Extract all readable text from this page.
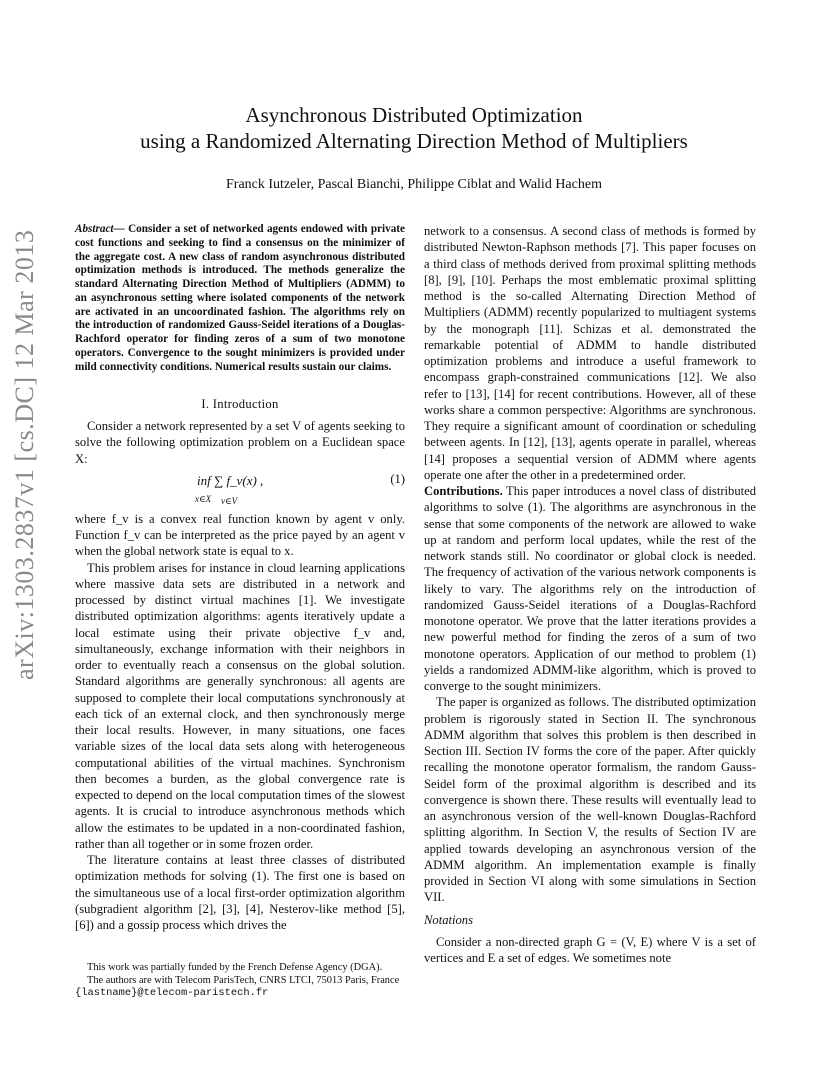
arXiv:1303.2837v1 [cs.DC] 12 Mar 2013
Asynchronous Distributed Optimization
using a Randomized Alternating Direction Method of Multipliers
Franck Iutzeler, Pascal Bianchi, Philippe Ciblat and Walid Hachem
Abstract— Consider a set of networked agents endowed with private cost functions and seeking to find a consensus on the minimizer of the aggregate cost. A new class of random asynchronous distributed optimization methods is introduced. The methods generalize the standard Alternating Direction Method of Multipliers (ADMM) to an asynchronous setting where isolated components of the network are activated in an uncoordinated fashion. The algorithms rely on the introduction of randomized Gauss-Seidel iterations of a Douglas-Rachford operator for finding zeros of a sum of two monotone operators. Convergence to the sought minimizers is provided under mild connectivity conditions. Numerical results sustain our claims.
I. Introduction

Consider a network represented by a set V of agents seeking to solve the following optimization problem on a Euclidean space X:

inf ∑ f_v(x) ,
x∈X v∈V
(1)

where f_v is a convex real function known by agent v only. Function f_v can be interpreted as the price payed by an agent v when the global network state is equal to x.

This problem arises for instance in cloud learning applications where massive data sets are distributed in a network and processed by distinct virtual machines [1]. We investigate distributed optimization algorithms: agents iteratively update a local estimate using their private objective f_v and, simultaneously, exchange information with their neighbors in order to eventually reach a consensus on the global solution. Standard algorithms are generally synchronous: all agents are supposed to complete their local computations synchronously at each tick of an external clock, and then synchronously merge their local results. However, in many situations, one faces variable sizes of the local data sets along with heterogeneous computational abilities of the virtual machines. Synchronism then becomes a burden, as the global convergence rate is expected to depend on the local computation times of the slowest agents. It is crucial to introduce asynchronous methods which allow the estimates to be updated in a non-coordinated fashion, rather than all together or in some frozen order.

The literature contains at least three classes of distributed optimization methods for solving (1). The first one is based on the simultaneous use of a local first-order optimization algorithm (subgradient algorithm [2], [3], [4], Nesterov-like method [5], [6]) and a gossip process which drives the

This work was partially funded by the French Defense Agency (DGA).

The authors are with Telecom ParisTech, CNRS LTCI, 75013 Paris, France {lastname}@telecom-paristech.fr

network to a consensus. A second class of methods is formed by distributed Newton-Raphson methods [7]. This paper focuses on a third class of methods derived from proximal splitting methods [8], [9], [10]. Perhaps the most emblematic proximal splitting method is the so-called Alternating Direction Method of Multipliers (ADMM) recently popularized to multiagent systems by the monograph [11]. Schizas et al. demonstrated the remarkable potential of ADMM to handle distributed optimization problems and introduce a useful framework to encompass graph-constrained communications [12]. We also refer to [13], [14] for recent contributions. However, all of these works share a common perspective: Algorithms are synchronous. They require a significant amount of coordination or scheduling between agents. In [12], [13], agents operate in parallel, whereas [14] proposes a sequential version of ADMM where agents operate one after the other in a predetermined order.

Contributions. This paper introduces a novel class of distributed algorithms to solve (1). The algorithms are asynchronous in the sense that some components of the network are allowed to wake up at random and perform local updates, while the rest of the network stands still. No coordinator or global clock is needed. The frequency of activation of the various network components is likely to vary. The algorithms rely on the introduction of randomized Gauss-Seidel iterations of a Douglas-Rachford monotone operator. We prove that the latter iterations provides a new powerful method for finding the zeros of a sum of two monotone operators. Application of our method to problem (1) yields a randomized ADMM-like algorithm, which is proved to converge to the sought minimizers.

The paper is organized as follows. The distributed optimization problem is rigorously stated in Section II. The synchronous ADMM algorithm that solves this problem is then described in Section III. Section IV forms the core of the paper. After quickly recalling the monotone operator formalism, the random Gauss-Seidel form of the proximal algorithm is described and its convergence is shown there. These results will eventually lead to an asynchronous version of the well-known Douglas-Rachford splitting algorithm. In Section V, the results of Section IV are applied towards developing an asynchronous version of the ADMM algorithm. An implementation example is finally provided in Section VI along with some simulations in Section VII.

Notations

Consider a non-directed graph G = (V, E) where V is a set of vertices and E a set of edges. We sometimes note
